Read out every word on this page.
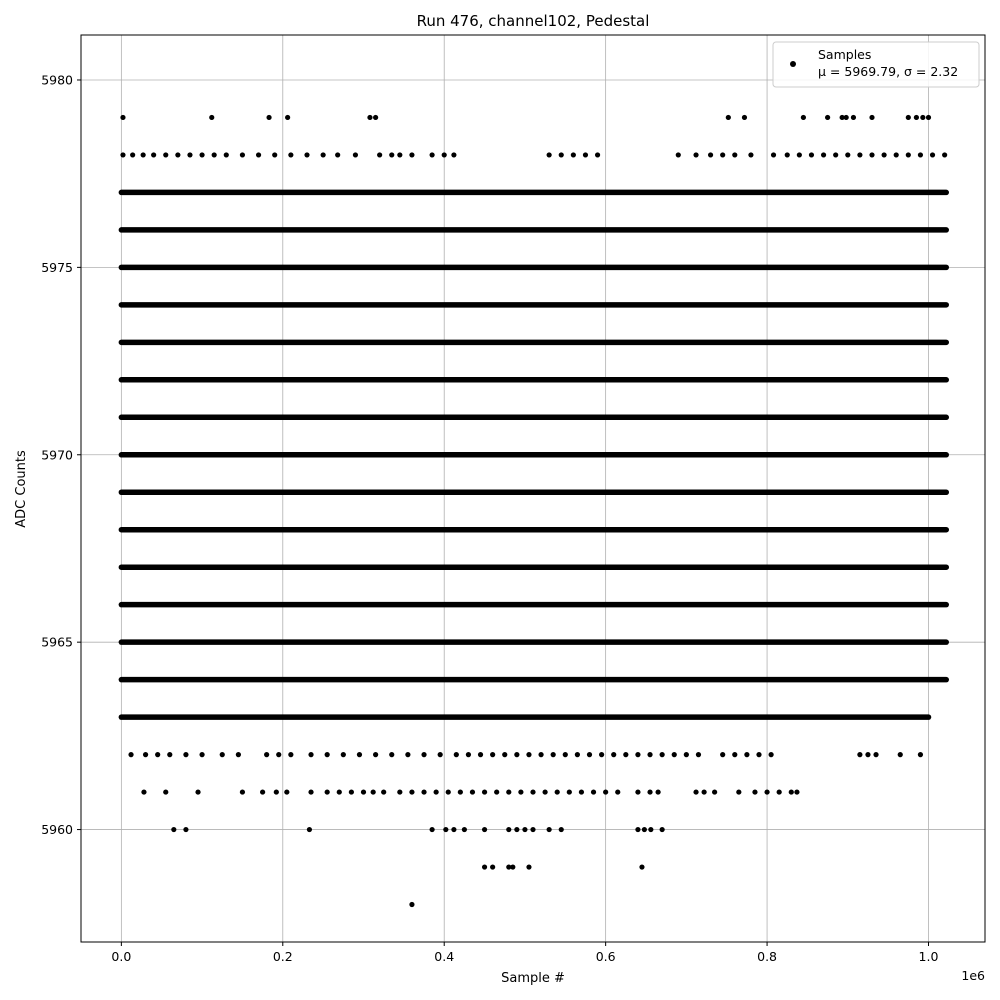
0.0	0.2	0.4	0.6	0.8	1.0
5960
5965
5970
5975
5980
Run 476, channel102, Pedestal
Sample #
ADC Counts
1e6
Samples
μ = 5969.79, σ = 2.32
